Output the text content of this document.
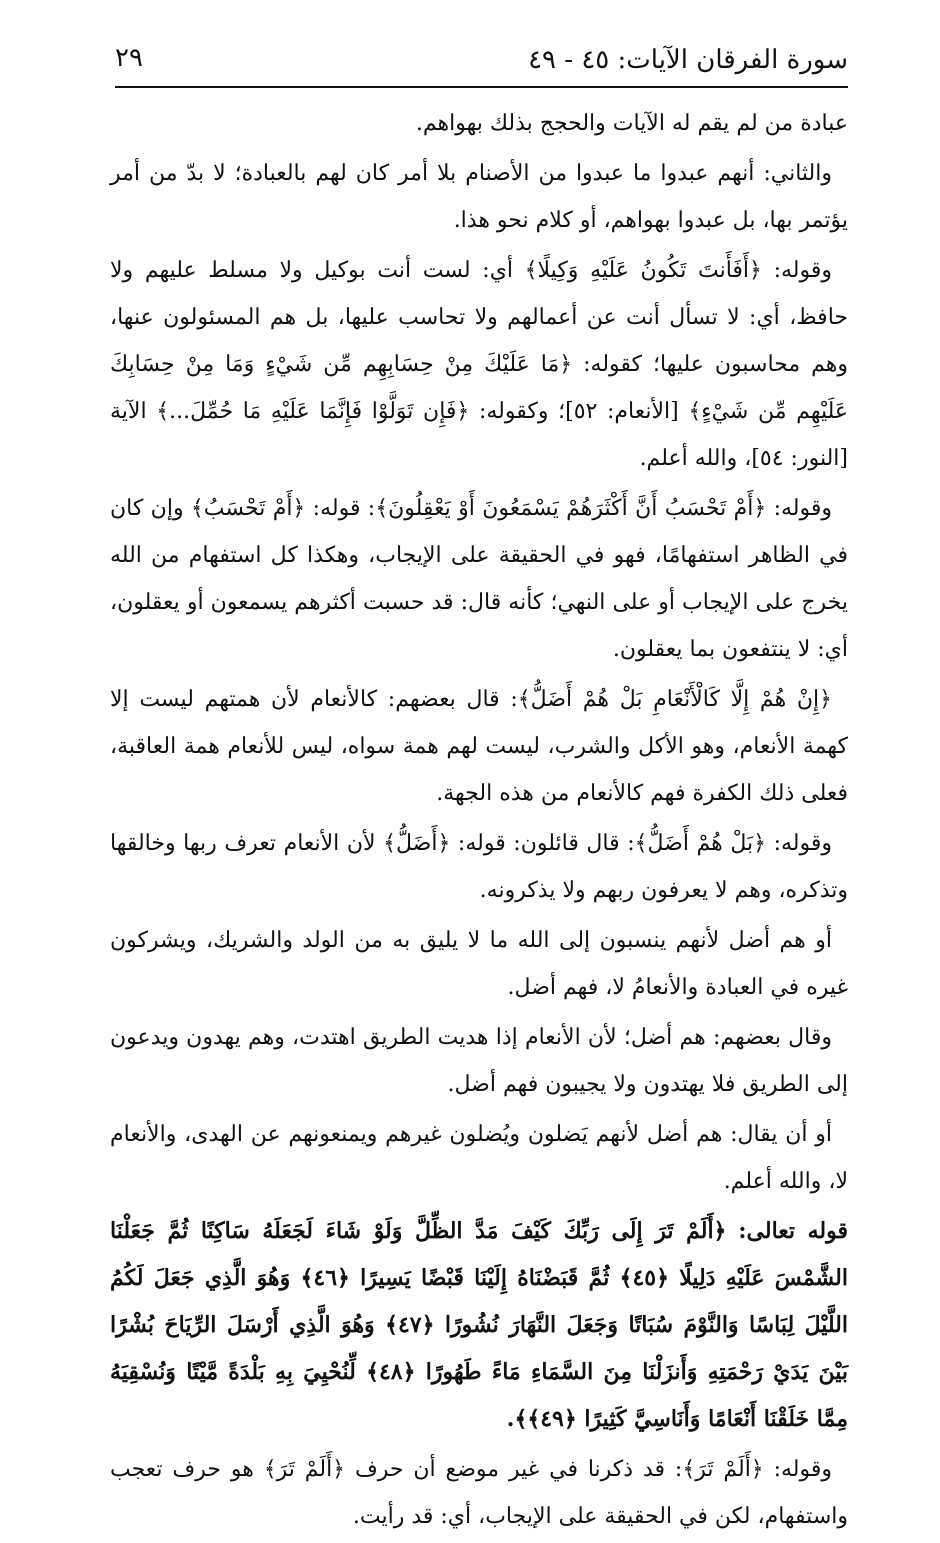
سورة الفرقان الآيات: ٤٥ - ٤٩
٢٩

عبادة من لم يقم له الآيات والحجج بذلك بهواهم.

والثاني: أنهم عبدوا ما عبدوا من الأصنام بلا أمر كان لهم بالعبادة؛ لا بدّ من أمر يؤتمر بها، بل عبدوا بهواهم، أو كلام نحو هذا.

وقوله: ﴿أَفَأَنتَ تَكُونُ عَلَيْهِ وَكِيلًا﴾ أي: لست أنت بوكيل ولا مسلط عليهم ولا حافظ، أي: لا تسأل أنت عن أعمالهم ولا تحاسب عليها، بل هم المسئولون عنها، وهم محاسبون عليها؛ كقوله: ﴿مَا عَلَيْكَ مِنْ حِسَابِهِم مِّن شَيْءٍ وَمَا مِنْ حِسَابِكَ عَلَيْهِم مِّن شَيْءٍ﴾ [الأنعام: ٥٢]؛ وكقوله: ﴿فَإِن تَوَلَّوْا فَإِنَّمَا عَلَيْهِ مَا حُمِّلَ...﴾ الآية [النور: ٥٤]، والله أعلم.

وقوله: ﴿أَمْ تَحْسَبُ أَنَّ أَكْثَرَهُمْ يَسْمَعُونَ أَوْ يَعْقِلُونَ﴾: قوله: ﴿أَمْ تَحْسَبُ﴾ وإن كان في الظاهر استفهامًا، فهو في الحقيقة على الإيجاب، وهكذا كل استفهام من الله يخرج على الإيجاب أو على النهي؛ كأنه قال: قد حسبت أكثرهم يسمعون أو يعقلون، أي: لا ينتفعون بما يعقلون.

﴿إِنْ هُمْ إِلَّا كَالْأَنْعَامِ بَلْ هُمْ أَضَلُّ﴾: قال بعضهم: كالأنعام لأن همتهم ليست إلا كهمة الأنعام، وهو الأكل والشرب، ليست لهم همة سواه، ليس للأنعام همة العاقبة، فعلى ذلك الكفرة فهم كالأنعام من هذه الجهة.

وقوله: ﴿بَلْ هُمْ أَضَلُّ﴾: قال قائلون: قوله: ﴿أَضَلُّ﴾ لأن الأنعام تعرف ربها وخالقها وتذكره، وهم لا يعرفون ربهم ولا يذكرونه.

أو هم أضل لأنهم ينسبون إلى الله ما لا يليق به من الولد والشريك، ويشركون غيره في العبادة والأنعامُ لا، فهم أضل.

وقال بعضهم: هم أضل؛ لأن الأنعام إذا هديت الطريق اهتدت، وهم يهدون ويدعون إلى الطريق فلا يهتدون ولا يجيبون فهم أضل.

أو أن يقال: هم أضل لأنهم يَضلون ويُضلون غيرهم ويمنعونهم عن الهدى، والأنعام لا، والله أعلم.

قوله تعالى: ﴿أَلَمْ تَرَ إِلَى رَبِّكَ كَيْفَ مَدَّ الظِّلَّ وَلَوْ شَاءَ لَجَعَلَهُ سَاكِنًا ثُمَّ جَعَلْنَا الشَّمْسَ عَلَيْهِ دَلِيلًا ﴿٤٥﴾ ثُمَّ قَبَضْنَاهُ إِلَيْنَا قَبْضًا يَسِيرًا ﴿٤٦﴾ وَهُوَ الَّذِي جَعَلَ لَكُمُ اللَّيْلَ لِبَاسًا وَالنَّوْمَ سُبَاتًا وَجَعَلَ النَّهَارَ نُشُورًا ﴿٤٧﴾ وَهُوَ الَّذِي أَرْسَلَ الرِّيَاحَ بُشْرًا بَيْنَ يَدَيْ رَحْمَتِهِ وَأَنزَلْنَا مِنَ السَّمَاءِ مَاءً طَهُورًا ﴿٤٨﴾ لِّنُحْيِيَ بِهِ بَلْدَةً مَّيْتًا وَنُسْقِيَهُ مِمَّا خَلَقْنَا أَنْعَامًا وَأَنَاسِيَّ كَثِيرًا ﴿٤٩﴾﴾.

وقوله: ﴿أَلَمْ تَرَ﴾: قد ذكرنا في غير موضع أن حرف ﴿أَلَمْ تَرَ﴾ هو حرف تعجب واستفهام، لكن في الحقيقة على الإيجاب، أي: قد رأيت.
